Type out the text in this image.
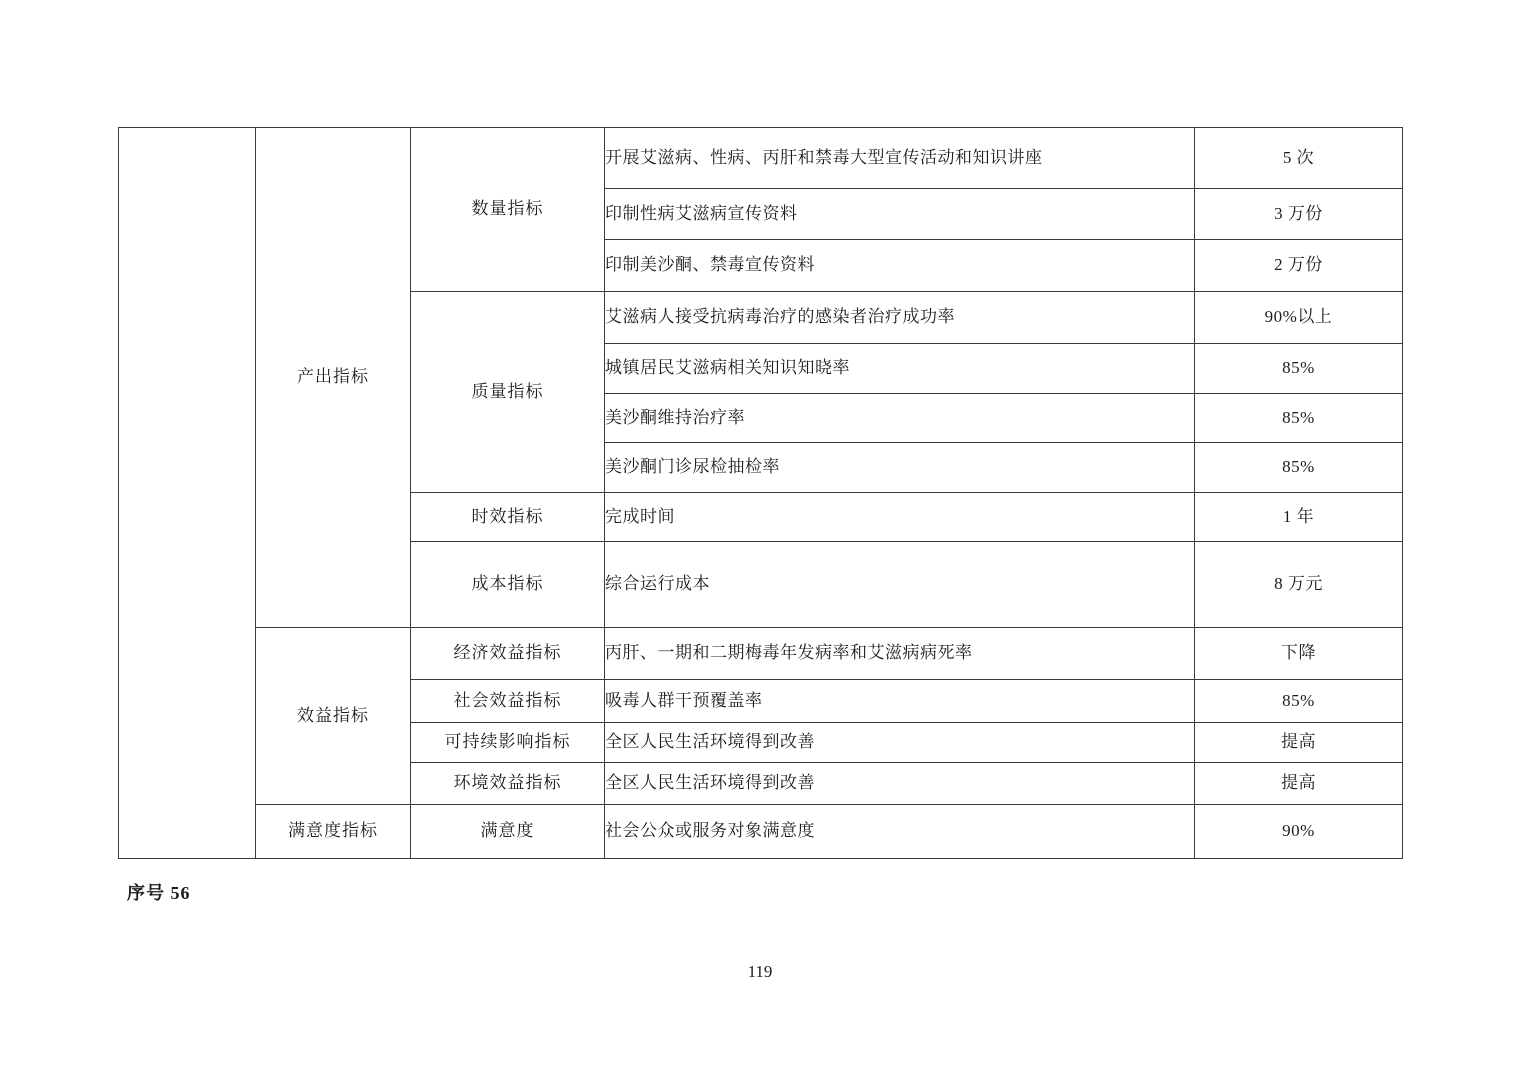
	产出指标	数量指标	开展艾滋病、性病、丙肝和禁毒大型宣传活动和知识讲座	5 次
			印制性病艾滋病宣传资料	3 万份
			印制美沙酮、禁毒宣传资料	2 万份
		质量指标	艾滋病人接受抗病毒治疗的感染者治疗成功率	90%以上
			城镇居民艾滋病相关知识知晓率	85%
			美沙酮维持治疗率	85%
			美沙酮门诊尿检抽检率	85%
		时效指标	完成时间	1 年
		成本指标	综合运行成本	8 万元
	效益指标	经济效益指标	丙肝、一期和二期梅毒年发病率和艾滋病病死率	下降
		社会效益指标	吸毒人群干预覆盖率	85%
		可持续影响指标	全区人民生活环境得到改善	提高
		环境效益指标	全区人民生活环境得到改善	提高
	满意度指标	满意度	社会公众或服务对象满意度	90%
序号 56
119
